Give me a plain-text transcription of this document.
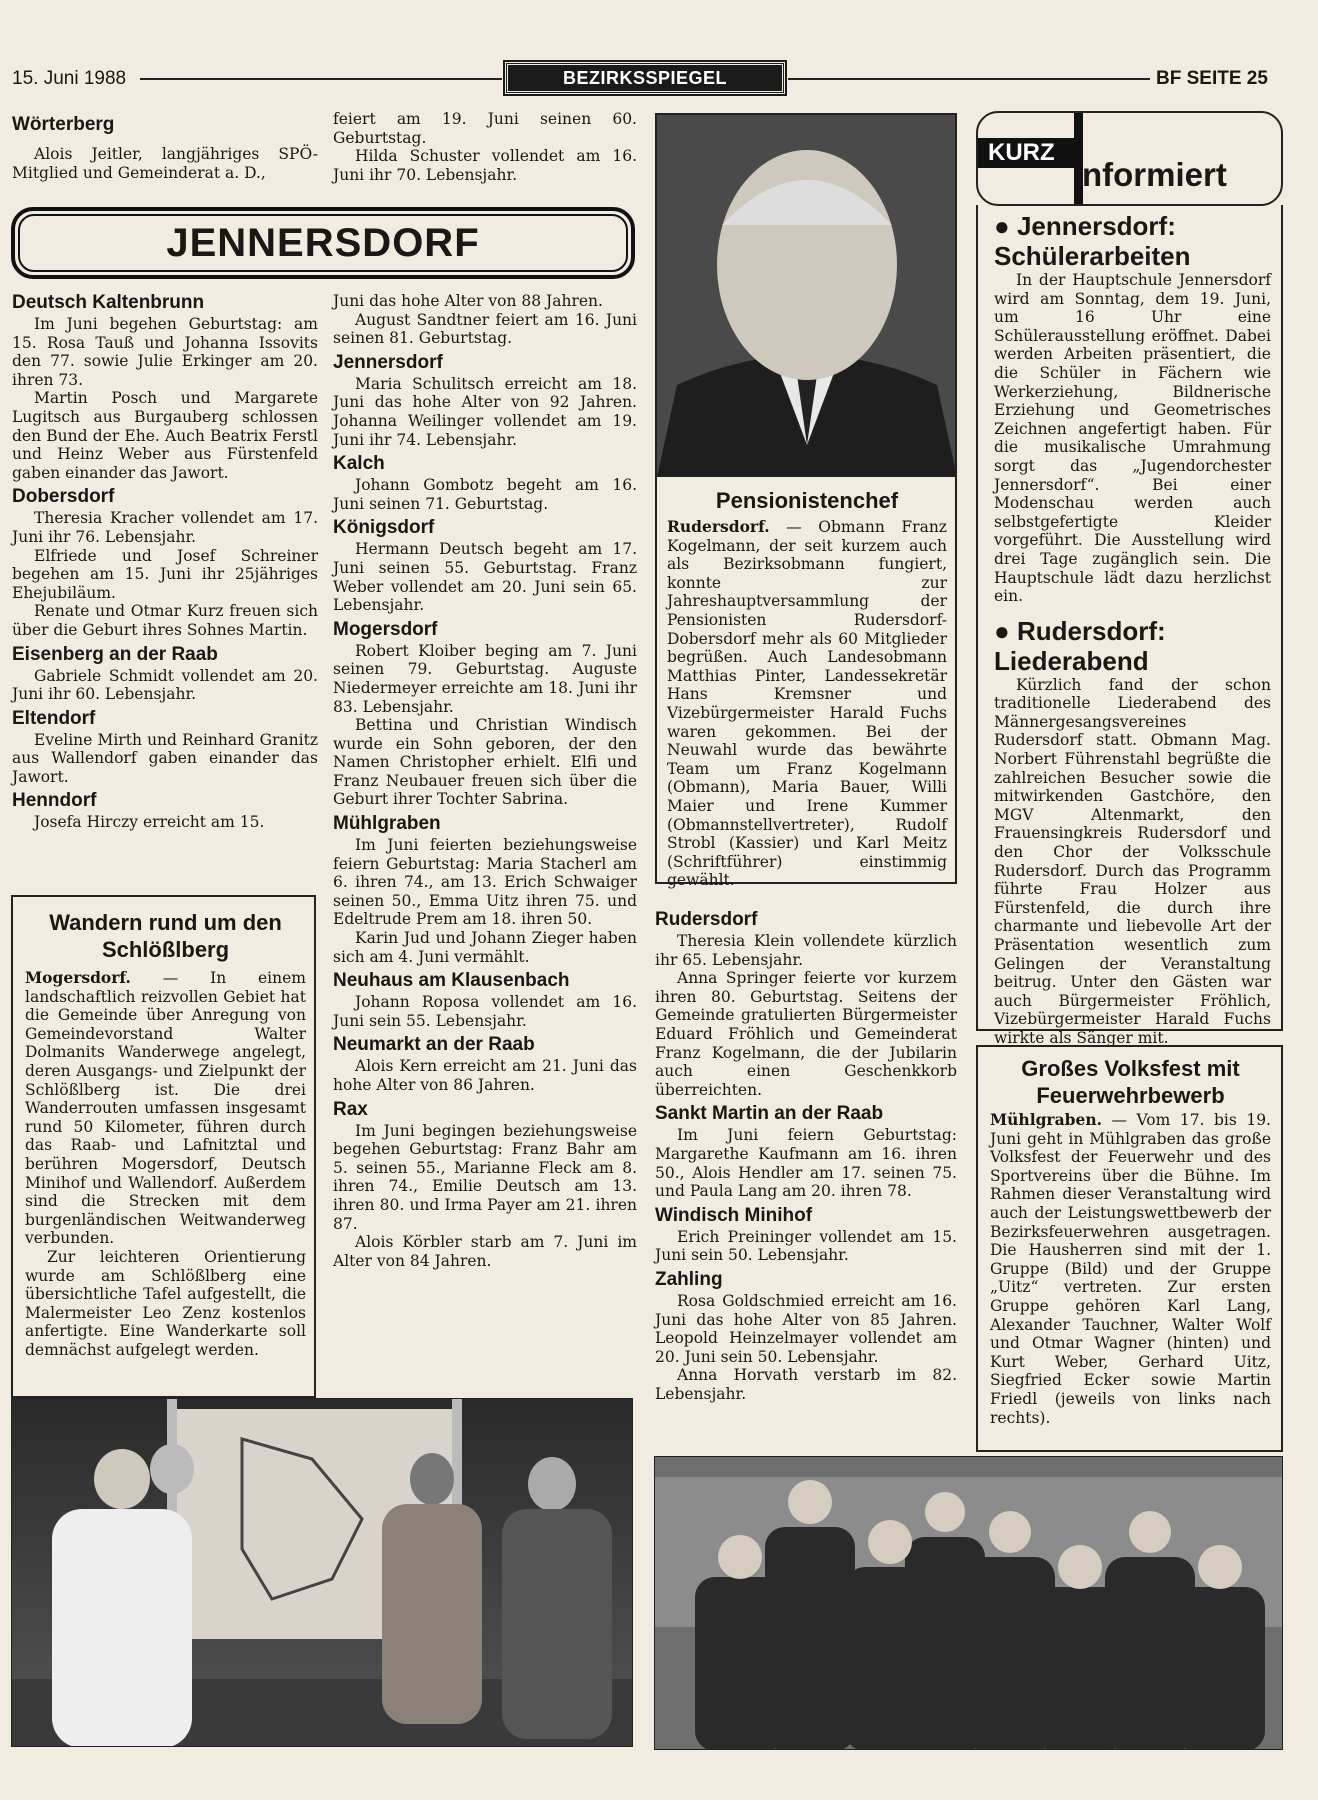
15. Juni 1988	BEZIRKSSPIEGEL	BF SEITE 25
Wörterberg

Alois Jeitler, langjähriges SPÖ-Mitglied und Gemeinderat a. D.,

feiert am 19. Juni seinen 60. Geburtstag.

Hilda Schuster vollendet am 16. Juni ihr 70. Lebensjahr.

JENNERSDORF
Deutsch Kaltenbrunn

Im Juni begehen Geburtstag: am 15. Rosa Tauß und Johanna Issovits den 77. sowie Julie Erkinger am 20. ihren 73.

Martin Posch und Margarete Lugitsch aus Burgauberg schlossen den Bund der Ehe. Auch Beatrix Ferstl und Heinz Weber aus Fürstenfeld gaben einander das Jawort.

Dobersdorf

Theresia Kracher vollendet am 17. Juni ihr 76. Lebensjahr.

Elfriede und Josef Schreiner begehen am 15. Juni ihr 25jähriges Ehejubiläum.

Renate und Otmar Kurz freuen sich über die Geburt ihres Sohnes Martin.

Eisenberg an der Raab

Gabriele Schmidt vollendet am 20. Juni ihr 60. Lebensjahr.

Eltendorf

Eveline Mirth und Reinhard Granitz aus Wallendorf gaben einander das Jawort.

Henndorf

Josefa Hirczy erreicht am 15.

Juni das hohe Alter von 88 Jahren.

August Sandtner feiert am 16. Juni seinen 81. Geburtstag.

Jennersdorf

Maria Schulitsch erreicht am 18. Juni das hohe Alter von 92 Jahren. Johanna Weilinger vollendet am 19. Juni ihr 74. Lebensjahr.

Kalch

Johann Gombotz begeht am 16. Juni seinen 71. Geburtstag.

Königsdorf

Hermann Deutsch begeht am 17. Juni seinen 55. Geburtstag. Franz Weber vollendet am 20. Juni sein 65. Lebensjahr.

Mogersdorf

Robert Kloiber beging am 7. Juni seinen 79. Geburtstag. Auguste Niedermeyer erreichte am 18. Juni ihr 83. Lebensjahr.

Bettina und Christian Windisch wurde ein Sohn geboren, der den Namen Christopher erhielt. Elfi und Franz Neubauer freuen sich über die Geburt ihrer Tochter Sabrina.

Mühlgraben

Im Juni feierten beziehungsweise feiern Geburtstag: Maria Stacherl am 6. ihren 74., am 13. Erich Schwaiger seinen 50., Emma Uitz ihren 75. und Edeltrude Prem am 18. ihren 50.

Karin Jud und Johann Zieger haben sich am 4. Juni vermählt.

Neuhaus am Klausenbach

Johann Roposa vollendet am 16. Juni sein 55. Lebensjahr.

Neumarkt an der Raab

Alois Kern erreicht am 21. Juni das hohe Alter von 86 Jahren.

Rax

Im Juni begingen beziehungsweise begehen Geburtstag: Franz Bahr am 5. seinen 55., Marianne Fleck am 8. ihren 74., Emilie Deutsch am 13. ihren 80. und Irma Payer am 21. ihren 87.

Alois Körbler starb am 7. Juni im Alter von 84 Jahren.

Wandern rund um den Schlößlberg

Mogersdorf. — In einem landschaftlich reizvollen Gebiet hat die Gemeinde über Anregung von Gemeindevorstand Walter Dolmanits Wanderwege angelegt, deren Ausgangs- und Zielpunkt der Schlößlberg ist. Die drei Wanderrouten umfassen insgesamt rund 50 Kilometer, führen durch das Raab- und Lafnitztal und berühren Mogersdorf, Deutsch Minihof und Wallendorf. Außerdem sind die Strecken mit dem burgenländischen Weitwanderweg verbunden.

Zur leichteren Orientierung wurde am Schlößlberg eine übersichtliche Tafel aufgestellt, die Malermeister Leo Zenz kostenlos anfertigte. Eine Wanderkarte soll demnächst aufgelegt werden.

Pensionistenchef

Rudersdorf. — Obmann Franz Kogelmann, der seit kurzem auch als Bezirksobmann fungiert, konnte zur Jahreshauptversammlung der Pensionisten Rudersdorf-Dobersdorf mehr als 60 Mitglieder begrüßen. Auch Landesobmann Matthias Pinter, Landessekretär Hans Kremsner und Vizebürgermeister Harald Fuchs waren gekommen. Bei der Neuwahl wurde das bewährte Team um Franz Kogelmann (Obmann), Maria Bauer, Willi Maier und Irene Kummer (Obmannstellvertreter), Rudolf Strobl (Kassier) und Karl Meitz (Schriftführer) einstimmig gewählt.

Rudersdorf

Theresia Klein vollendete kürzlich ihr 65. Lebensjahr.

Anna Springer feierte vor kurzem ihren 80. Geburtstag. Seitens der Gemeinde gratulierten Bürgermeister Eduard Fröhlich und Gemeinderat Franz Kogelmann, die der Jubilarin auch einen Geschenkkorb überreichten.

Sankt Martin an der Raab

Im Juni feiern Geburtstag: Margarethe Kaufmann am 16. ihren 50., Alois Hendler am 17. seinen 75. und Paula Lang am 20. ihren 78.

Windisch Minihof

Erich Preininger vollendet am 15. Juni sein 50. Lebensjahr.

Zahling

Rosa Goldschmied erreicht am 16. Juni das hohe Alter von 85 Jahren. Leopold Heinzelmayer vollendet am 20. Juni sein 50. Lebensjahr.

Anna Horvath verstarb im 82. Lebensjahr.

KURZ
nformiert
● Jennersdorf: Schülerarbeiten

In der Hauptschule Jennersdorf wird am Sonntag, dem 19. Juni, um 16 Uhr eine Schülerausstellung eröffnet. Dabei werden Arbeiten präsentiert, die die Schüler in Fächern wie Werkerziehung, Bildnerische Erziehung und Geometrisches Zeichnen angefertigt haben. Für die musikalische Umrahmung sorgt das „Jugendorchester Jennersdorf“. Bei einer Modenschau werden auch selbstgefertigte Kleider vorgeführt. Die Ausstellung wird drei Tage zugänglich sein. Die Hauptschule lädt dazu herzlichst ein.

● Rudersdorf: Liederabend

Kürzlich fand der schon traditionelle Liederabend des Männergesangsvereines Rudersdorf statt. Obmann Mag. Norbert Führenstahl begrüßte die zahlreichen Besucher sowie die mitwirkenden Gastchöre, den MGV Altenmarkt, den Frauensingkreis Rudersdorf und den Chor der Volksschule Rudersdorf. Durch das Programm führte Frau Holzer aus Fürstenfeld, die durch ihre charmante und liebevolle Art der Präsentation wesentlich zum Gelingen der Veranstaltung beitrug. Unter den Gästen war auch Bürgermeister Fröhlich, Vizebürgermeister Harald Fuchs wirkte als Sänger mit.

Großes Volksfest mit Feuerwehrbewerb

Mühlgraben. — Vom 17. bis 19. Juni geht in Mühlgraben das große Volksfest der Feuerwehr und des Sportvereins über die Bühne. Im Rahmen dieser Veranstaltung wird auch der Leistungswettbewerb der Bezirksfeuerwehren ausgetragen. Die Hausherren sind mit der 1. Gruppe (Bild) und der Gruppe „Uitz“ vertreten. Zur ersten Gruppe gehören Karl Lang, Alexander Tauchner, Walter Wolf und Otmar Wagner (hinten) und Kurt Weber, Gerhard Uitz, Siegfried Ecker sowie Martin Friedl (jeweils von links nach rechts).
